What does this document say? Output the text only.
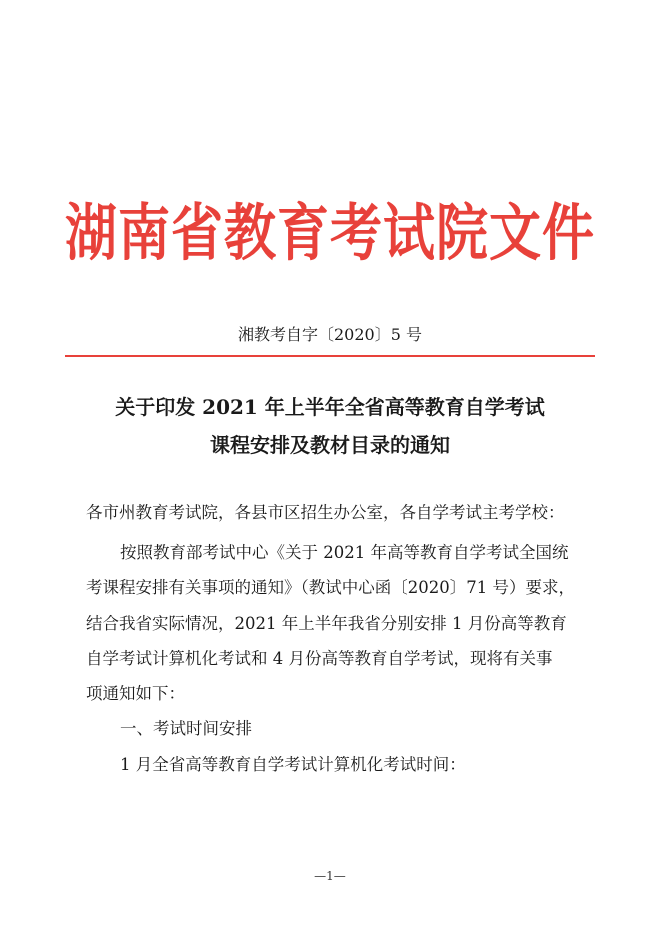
湖南省教育考试院文件
湘教考自字〔2020〕5 号
关于印发 2021 年上半年全省高等教育自学考试
课程安排及教材目录的通知
各市州教育考试院，各县市区招生办公室，各自学考试主考学校：
按照教育部考试中心《关于 2021 年高等教育自学考试全国统
考课程安排有关事项的通知》（教试中心函〔2020〕71 号）要求，
结合我省实际情况，2021 年上半年我省分别安排 1 月份高等教育
自学考试计算机化考试和 4 月份高等教育自学考试，现将有关事
项通知如下：
一、考试时间安排
1 月全省高等教育自学考试计算机化考试时间：
—1—
